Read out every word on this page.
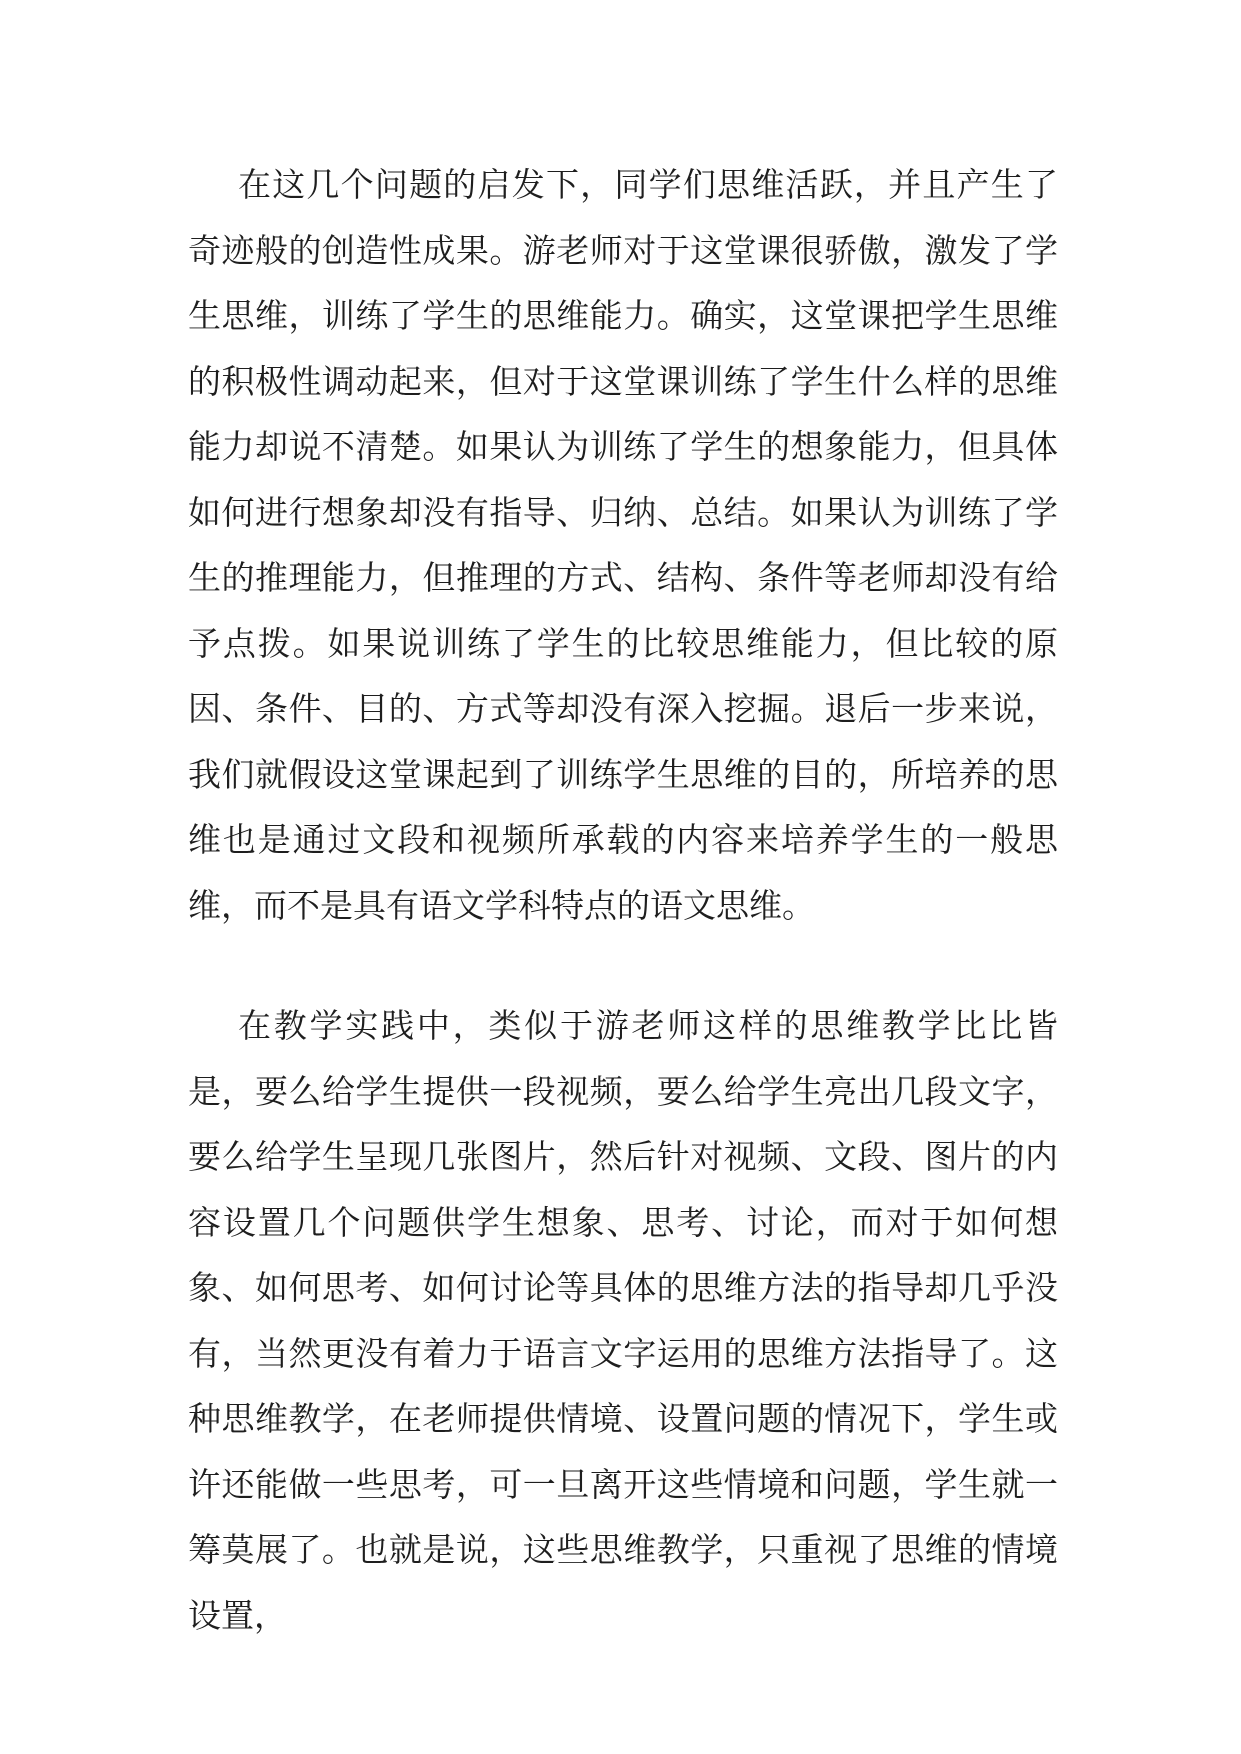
在这几个问题的启发下，同学们思维活跃，并且产生了奇迹般的创造性成果。游老师对于这堂课很骄傲，激发了学生思维，训练了学生的思维能力。确实，这堂课把学生思维的积极性调动起来，但对于这堂课训练了学生什么样的思维能力却说不清楚。如果认为训练了学生的想象能力，但具体如何进行想象却没有指导、归纳、总结。如果认为训练了学生的推理能力，但推理的方式、结构、条件等老师却没有给予点拨。如果说训练了学生的比较思维能力，但比较的原因、条件、目的、方式等却没有深入挖掘。退后一步来说，我们就假设这堂课起到了训练学生思维的目的，所培养的思维也是通过文段和视频所承载的内容来培养学生的一般思维，而不是具有语文学科特点的语文思维。

在教学实践中，类似于游老师这样的思维教学比比皆是，要么给学生提供一段视频，要么给学生亮出几段文字，要么给学生呈现几张图片，然后针对视频、文段、图片的内容设置几个问题供学生想象、思考、讨论，而对于如何想象、如何思考、如何讨论等具体的思维方法的指导却几乎没有，当然更没有着力于语言文字运用的思维方法指导了。这种思维教学，在老师提供情境、设置问题的情况下，学生或许还能做一些思考，可一旦离开这些情境和问题，学生就一筹莫展了。也就是说，这些思维教学，只重视了思维的情境设置，
